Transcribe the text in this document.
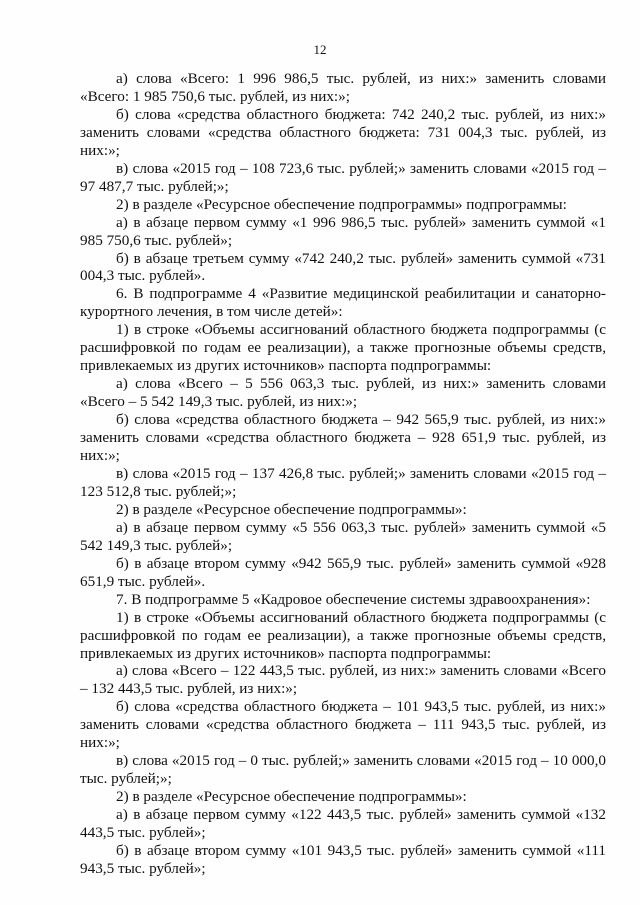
12

а) слова «Всего: 1 996 986,5 тыс. рублей, из них:» заменить словами «Всего: 1 985 750,6 тыс. рублей, из них:»;

б) слова «средства областного бюджета: 742 240,2 тыс. рублей, из них:» заменить словами «средства областного бюджета: 731 004,3 тыс. рублей, из них:»;

в) слова «2015 год – 108 723,6 тыс. рублей;» заменить словами «2015 год – 97 487,7 тыс. рублей;»;

2) в разделе «Ресурсное обеспечение подпрограммы» подпрограммы:

а) в абзаце первом сумму «1 996 986,5 тыс. рублей» заменить суммой «1 985 750,6 тыс. рублей»;

б) в абзаце третьем сумму «742 240,2 тыс. рублей» заменить суммой «731 004,3 тыс. рублей».

6. В подпрограмме 4 «Развитие медицинской реабилитации и санаторно-курортного лечения, в том числе детей»:

1) в строке «Объемы ассигнований областного бюджета подпрограммы (с расшифровкой по годам ее реализации), а также прогнозные объемы средств, привлекаемых из других источников» паспорта подпрограммы:

а) слова «Всего – 5 556 063,3 тыс. рублей, из них:» заменить словами «Всего – 5 542 149,3 тыс. рублей, из них:»;

б) слова «средства областного бюджета – 942 565,9 тыс. рублей, из них:» заменить словами «средства областного бюджета – 928 651,9 тыс. рублей, из них:»;

в) слова «2015 год – 137 426,8 тыс. рублей;» заменить словами «2015 год – 123 512,8 тыс. рублей;»;

2) в разделе «Ресурсное обеспечение подпрограммы»:

а) в абзаце первом сумму «5 556 063,3 тыс. рублей» заменить суммой «5 542 149,3 тыс. рублей»;

б) в абзаце втором сумму «942 565,9 тыс. рублей» заменить суммой «928 651,9 тыс. рублей».

7. В подпрограмме 5 «Кадровое обеспечение системы здравоохранения»:

1) в строке «Объемы ассигнований областного бюджета подпрограммы (с расшифровкой по годам ее реализации), а также прогнозные объемы средств, привлекаемых из других источников» паспорта подпрограммы:

а) слова «Всего – 122 443,5 тыс. рублей, из них:» заменить словами «Всего – 132 443,5 тыс. рублей, из них:»;

б) слова «средства областного бюджета – 101 943,5 тыс. рублей, из них:» заменить словами «средства областного бюджета – 111 943,5 тыс. рублей, из них:»;

в) слова «2015 год – 0 тыс. рублей;» заменить словами «2015 год – 10 000,0 тыс. рублей;»;

2) в разделе «Ресурсное обеспечение подпрограммы»:

а) в абзаце первом сумму «122 443,5 тыс. рублей» заменить суммой «132 443,5 тыс. рублей»;

б) в абзаце втором сумму «101 943,5 тыс. рублей» заменить суммой «111 943,5 тыс. рублей»;
